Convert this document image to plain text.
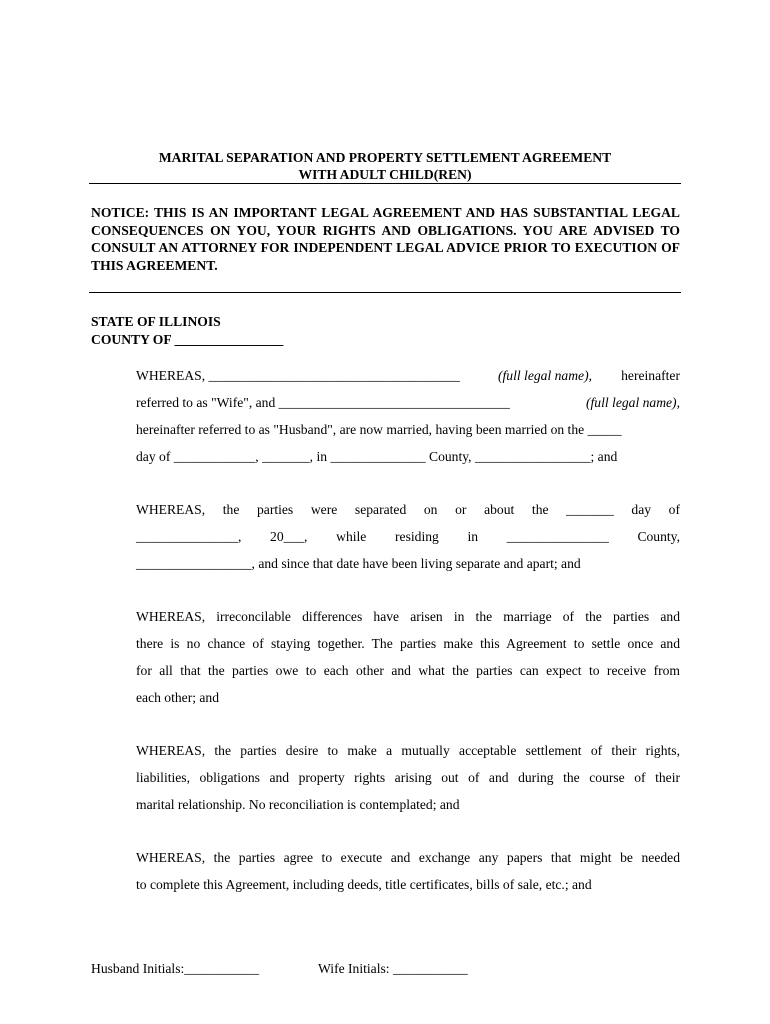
MARITAL SEPARATION AND PROPERTY SETTLEMENT AGREEMENT
WITH ADULT CHILD(REN)
NOTICE: THIS IS AN IMPORTANT LEGAL AGREEMENT AND HAS SUBSTANTIAL LEGAL CONSEQUENCES ON YOU, YOUR RIGHTS AND OBLIGATIONS. YOU ARE ADVISED TO CONSULT AN ATTORNEY FOR INDEPENDENT LEGAL ADVICE PRIOR TO EXECUTION OF THIS AGREEMENT.
STATE OF ILLINOIS
COUNTY OF ________________
WHEREAS, _____________________________________	(full legal name), hereinafter
referred to as "Wife", and __________________________________	(full legal name),
hereinafter referred to as "Husband", are now married, having been married on the _____
day of ____________, _______, in ______________ County, _________________; and
WHEREAS, the parties were separated on or about the _______ day of
_______________, 20___, while residing in _______________ County,
_________________, and since that date have been living separate and apart; and
WHEREAS, irreconcilable differences have arisen in the marriage of the parties and
there is no chance of staying together. The parties make this Agreement to settle once and
for all that the parties owe to each other and what the parties can expect to receive from
each other; and
WHEREAS, the parties desire to make a mutually acceptable settlement of their rights,
liabilities, obligations and property rights arising out of and during the course of their
marital relationship. No reconciliation is contemplated; and
WHEREAS, the parties agree to execute and exchange any papers that might be needed
to complete this Agreement, including deeds, title certificates, bills of sale, etc.; and
Husband Initials:___________	Wife Initials: ___________
